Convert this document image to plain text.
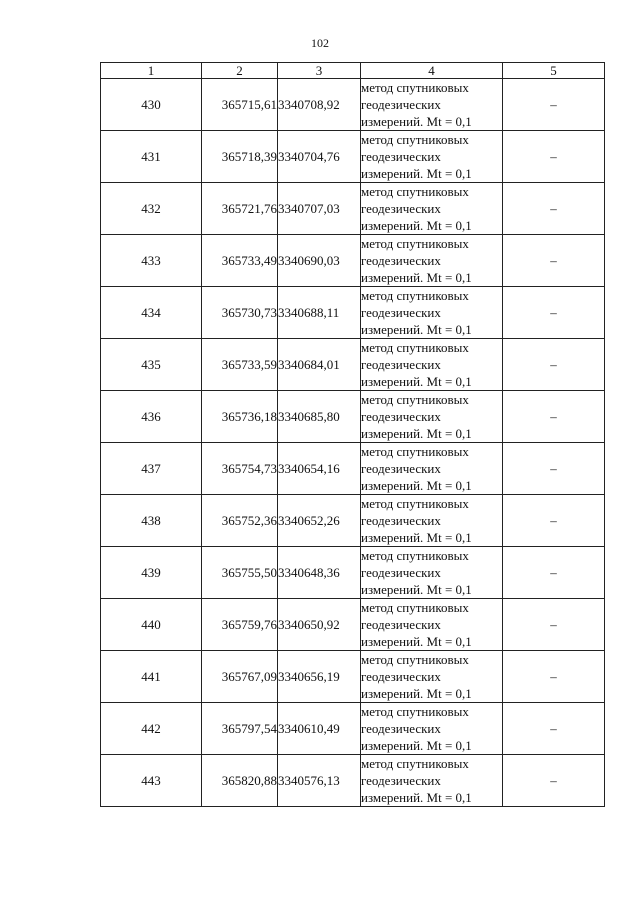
102
1	2	3	4	5
430	365715,61	3340708,92	метод спутниковых
геодезических
измерений. Mt = 0,1	–
431	365718,39	3340704,76	метод спутниковых
геодезических
измерений. Mt = 0,1	–
432	365721,76	3340707,03	метод спутниковых
геодезических
измерений. Mt = 0,1	–
433	365733,49	3340690,03	метод спутниковых
геодезических
измерений. Mt = 0,1	–
434	365730,73	3340688,11	метод спутниковых
геодезических
измерений. Mt = 0,1	–
435	365733,59	3340684,01	метод спутниковых
геодезических
измерений. Mt = 0,1	–
436	365736,18	3340685,80	метод спутниковых
геодезических
измерений. Mt = 0,1	–
437	365754,73	3340654,16	метод спутниковых
геодезических
измерений. Mt = 0,1	–
438	365752,36	3340652,26	метод спутниковых
геодезических
измерений. Mt = 0,1	–
439	365755,50	3340648,36	метод спутниковых
геодезических
измерений. Mt = 0,1	–
440	365759,76	3340650,92	метод спутниковых
геодезических
измерений. Mt = 0,1	–
441	365767,09	3340656,19	метод спутниковых
геодезических
измерений. Mt = 0,1	–
442	365797,54	3340610,49	метод спутниковых
геодезических
измерений. Mt = 0,1	–
443	365820,88	3340576,13	метод спутниковых
геодезических
измерений. Mt = 0,1	–
